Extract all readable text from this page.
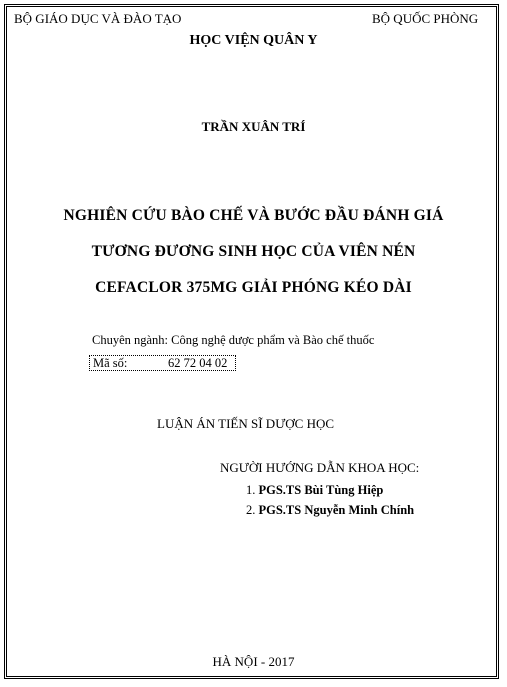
BỘ GIÁO DỤC VÀ ĐÀO TẠO	BỘ QUỐC PHÒNG
HỌC VIỆN QUÂN Y
TRẦN XUÂN TRÍ
NGHIÊN CỨU BÀO CHẾ VÀ BƯỚC ĐẦU ĐÁNH GIÁ
TƯƠNG ĐƯƠNG SINH HỌC CỦA VIÊN NÉN
CEFACLOR 375MG GIẢI PHÓNG KÉO DÀI
Chuyên ngành: Công nghệ dược phẩm và Bào chế thuốc
Mã số:	62 72 04 02
LUẬN ÁN TIẾN SĨ DƯỢC HỌC
NGƯỜI HƯỚNG DẪN KHOA HỌC:
1. PGS.TS Bùi Tùng Hiệp
2. PGS.TS Nguyễn Minh Chính
HÀ NỘI - 2017
